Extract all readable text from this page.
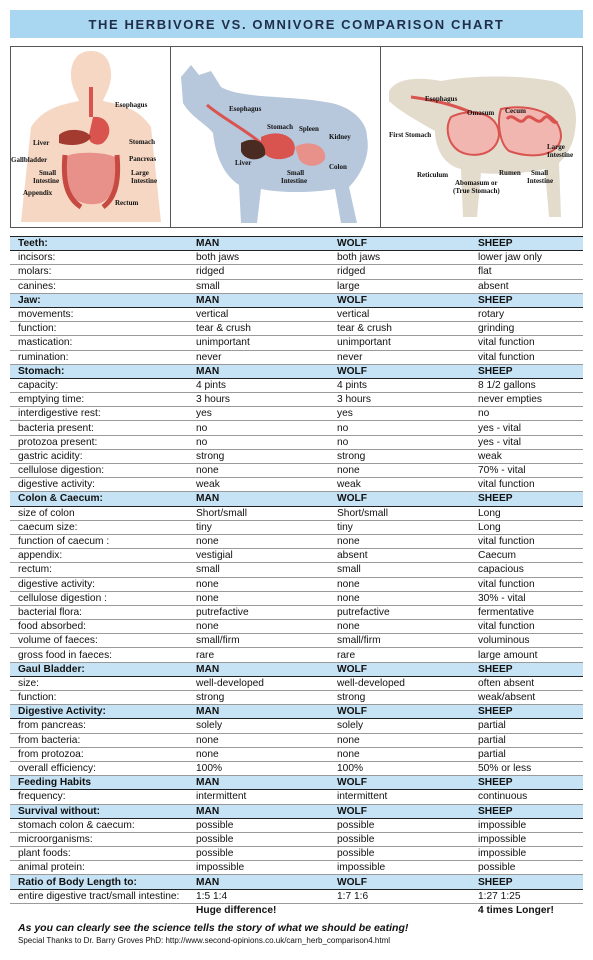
THE HERBIVORE VS. OMNIVORE COMPARISON CHART
Esophagus
Liver	Stomach
Gallbladder	Pancreas
Small
Intestine
Large
Intestine
Appendix
Rectum
Esophagus
Stomach Spleen
Kidney
Liver	Colon
Small
Intestine
Esophagus
Omasum Cecum
First Stomach
Large
Intestine
Reticulum	Rumen Small
Intestine
Abomasum or
(True Stomach)
Teeth:	MAN	WOLF	SHEEP
incisors:	both jaws	both jaws	lower jaw only
molars:	ridged	ridged	flat
canines:	small	large	absent
Jaw:	MAN	WOLF	SHEEP
movements:	vertical	vertical	rotary
function:	tear & crush	tear & crush	grinding
mastication:	unimportant	unimportant	vital function
rumination:	never	never	vital function
Stomach:	MAN	WOLF	SHEEP
capacity:	4 pints	4 pints	8 1/2 gallons
emptying time:	3 hours	3 hours	never empties
interdigestive rest:	yes	yes	no
bacteria present:	no	no	yes - vital
protozoa present:	no	no	yes - vital
gastric acidity:	strong	strong	weak
cellulose digestion:	none	none	70% - vital
digestive activity:	weak	weak	vital function
Colon & Caecum:	MAN	WOLF	SHEEP
size of colon	Short/small	Short/small	Long
caecum size:	tiny	tiny	Long
function of caecum :	none	none	vital function
appendix:	vestigial	absent	Caecum
rectum:	small	small	capacious
digestive activity:	none	none	vital function
cellulose digestion :	none	none	30% - vital
bacterial flora:	putrefactive	putrefactive	fermentative
food absorbed:	none	none	vital function
volume of faeces:	small/firm	small/firm	voluminous
gross food in faeces:	rare	rare	large amount
Gaul Bladder:	MAN	WOLF	SHEEP
size:	well-developed	well-developed	often absent
function:	strong	strong	weak/absent
Digestive Activity:	MAN	WOLF	SHEEP
from pancreas:	solely	solely	partial
from bacteria:	none	none	partial
from protozoa:	none	none	partial
overall efficiency:	100%	100%	50% or less
Feeding Habits	MAN	WOLF	SHEEP
frequency:	intermittent	intermittent	continuous
Survival without:	MAN	WOLF	SHEEP
stomach colon & caecum:	possible	possible	impossible
microorganisms:	possible	possible	impossible
plant foods:	possible	possible	impossible
animal protein:	impossible	impossible	possible
Ratio of Body Length to:	MAN	WOLF	SHEEP
entire digestive tract/small intestine:	1:5 1:4	1:7 1:6	1:27 1:25
	Huge difference!		4 times Longer!
As you can clearly see the science tells the story of what we should be eating!
Special Thanks to Dr. Barry Groves PhD: http://www.second-opinions.co.uk/carn_herb_comparison4.html
